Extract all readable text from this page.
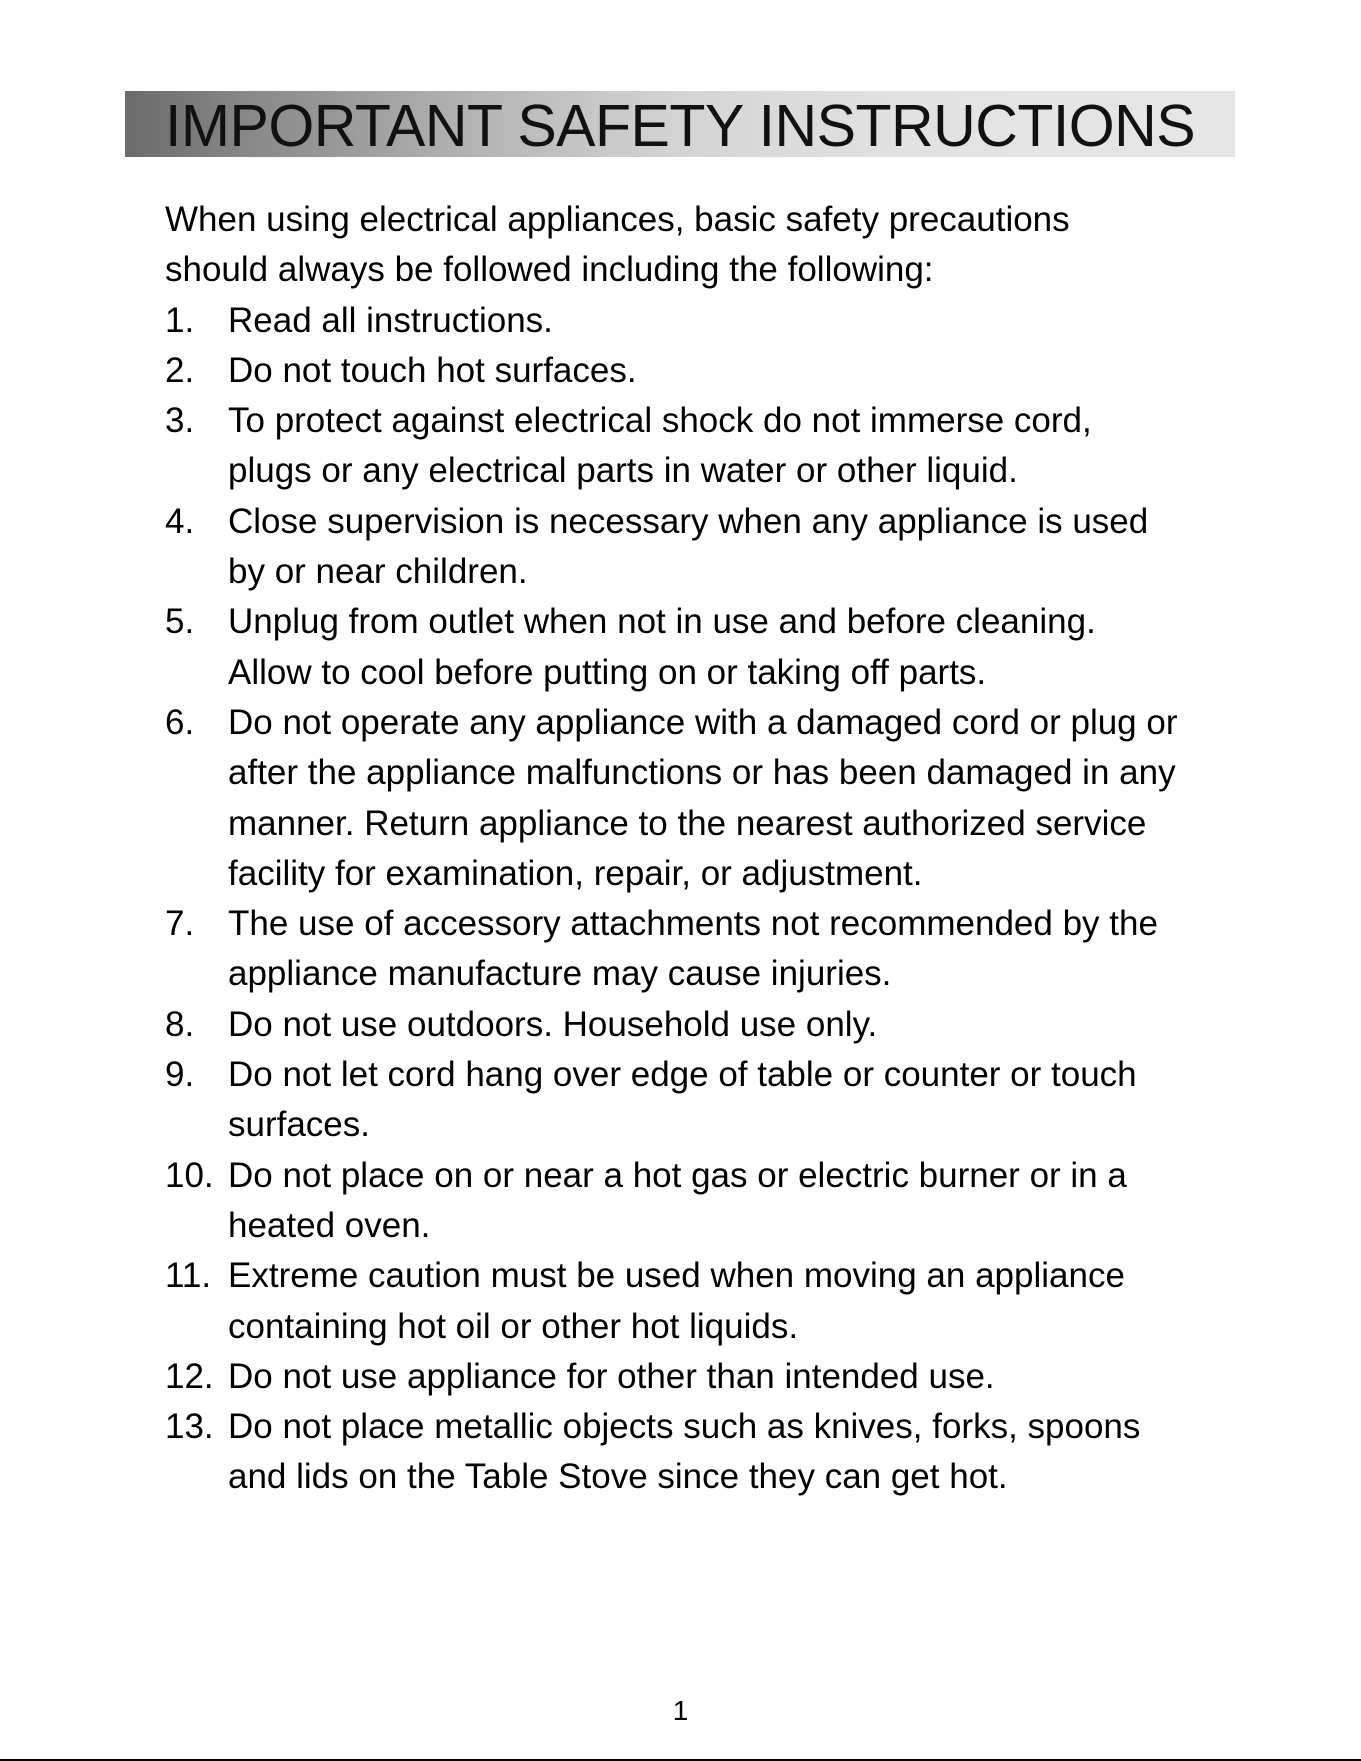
IMPORTANT SAFETY INSTRUCTIONS

When using electrical appliances, basic safety precautions
should always be followed including the following:

1. Read all instructions.
2. Do not touch hot surfaces.
3. To protect against electrical shock do not immerse cord,
plugs or any electrical parts in water or other liquid.
4. Close supervision is necessary when any appliance is used
by or near children.
5. Unplug from outlet when not in use and before cleaning.
Allow to cool before putting on or taking off parts.
6. Do not operate any appliance with a damaged cord or plug or
after the appliance malfunctions or has been damaged in any
manner. Return appliance to the nearest authorized service
facility for examination, repair, or adjustment.
7. The use of accessory attachments not recommended by the
appliance manufacture may cause injuries.
8. Do not use outdoors. Household use only.
9. Do not let cord hang over edge of table or counter or touch
surfaces.
10. Do not place on or near a hot gas or electric burner or in a
heated oven.
11. Extreme caution must be used when moving an appliance
containing hot oil or other hot liquids.
12. Do not use appliance for other than intended use.
13. Do not place metallic objects such as knives, forks, spoons
and lids on the Table Stove since they can get hot.
1
